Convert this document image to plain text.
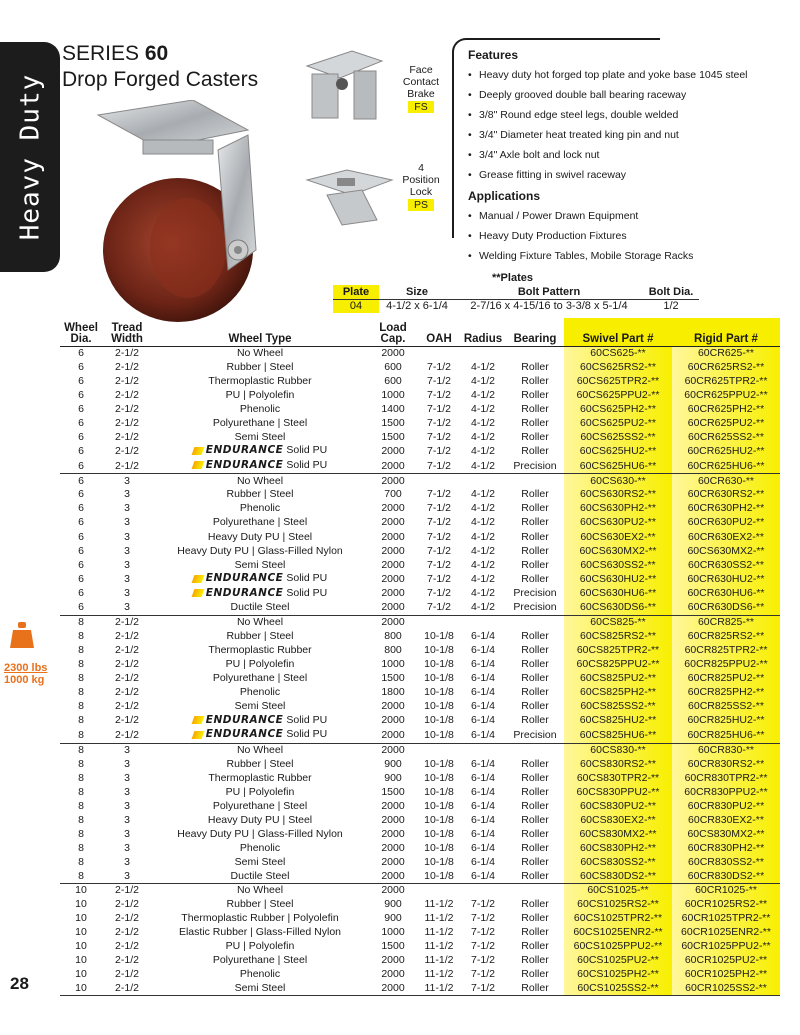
Heavy Duty
SERIES 60
Drop Forged Casters	Face
Contact
Brake
FS
4
Position
Lock
PS
Features
• Heavy duty hot forged top plate and yoke base 1045 steel
• Deeply grooved double ball bearing raceway
• 3/8" Round edge steel legs, double welded
• 3/4" Diameter heat treated king pin and nut
• 3/4" Axle bolt and lock nut
• Grease fitting in swivel raceway
Applications
• Manual / Power Drawn Equipment
• Heavy Duty Production Fixtures
• Welding Fixture Tables, Mobile Storage Racks
**Plates
Plate	Size	Bolt Pattern	Bolt Dia.
04	4-1/2 x 6-1/4	2-7/16 x 4-15/16 to 3-3/8 x 5-1/4	1/2
Wheel
Dia.	Tread
Width	Wheel Type	Load
Cap.	OAH	Radius	Bearing	Swivel Part #	Rigid Part #
6	2-1/2	No Wheel	2000				60CS625-**	60CR625-**
6	2-1/2	Rubber | Steel	600	7-1/2	4-1/2	Roller	60CS625RS2-**	60CR625RS2-**
6	2-1/2	Thermoplastic Rubber	600	7-1/2	4-1/2	Roller	60CS625TPR2-**	60CR625TPR2-**
6	2-1/2	PU | Polyolefin	1000	7-1/2	4-1/2	Roller	60CS625PPU2-**	60CR625PPU2-**
6	2-1/2	Phenolic	1400	7-1/2	4-1/2	Roller	60CS625PH2-**	60CR625PH2-**
6	2-1/2	Polyurethane | Steel	1500	7-1/2	4-1/2	Roller	60CS625PU2-**	60CR625PU2-**
6	2-1/2	Semi Steel	1500	7-1/2	4-1/2	Roller	60CS625SS2-**	60CR625SS2-**
6	2-1/2	ENDURANCE Solid PU	2000	7-1/2	4-1/2	Roller	60CS625HU2-**	60CR625HU2-**
6	2-1/2	ENDURANCE Solid PU	2000	7-1/2	4-1/2	Precision	60CS625HU6-**	60CR625HU6-**
6	3	No Wheel	2000				60CS630-**	60CR630-**
6	3	Rubber | Steel	700	7-1/2	4-1/2	Roller	60CS630RS2-**	60CR630RS2-**
6	3	Phenolic	2000	7-1/2	4-1/2	Roller	60CS630PH2-**	60CR630PH2-**
6	3	Polyurethane | Steel	2000	7-1/2	4-1/2	Roller	60CS630PU2-**	60CR630PU2-**
6	3	Heavy Duty PU | Steel	2000	7-1/2	4-1/2	Roller	60CS630EX2-**	60CR630EX2-**
6	3	Heavy Duty PU | Glass-Filled Nylon	2000	7-1/2	4-1/2	Roller	60CS630MX2-**	60CS630MX2-**
6	3	Semi Steel	2000	7-1/2	4-1/2	Roller	60CS630SS2-**	60CR630SS2-**
6	3	ENDURANCE Solid PU	2000	7-1/2	4-1/2	Roller	60CS630HU2-**	60CR630HU2-**
6	3	ENDURANCE Solid PU	2000	7-1/2	4-1/2	Precision	60CS630HU6-**	60CR630HU6-**
6	3	Ductile Steel	2000	7-1/2	4-1/2	Precision	60CS630DS6-**	60CR630DS6-**
8	2-1/2	No Wheel	2000				60CS825-**	60CR825-**
8	2-1/2	Rubber | Steel	800	10-1/8	6-1/4	Roller	60CS825RS2-**	60CR825RS2-**
8	2-1/2	Thermoplastic Rubber	800	10-1/8	6-1/4	Roller	60CS825TPR2-**	60CR825TPR2-**
8	2-1/2	PU | Polyolefin	1000	10-1/8	6-1/4	Roller	60CS825PPU2-**	60CR825PPU2-**
8	2-1/2	Polyurethane | Steel	1500	10-1/8	6-1/4	Roller	60CS825PU2-**	60CR825PU2-**
8	2-1/2	Phenolic	1800	10-1/8	6-1/4	Roller	60CS825PH2-**	60CR825PH2-**
8	2-1/2	Semi Steel	2000	10-1/8	6-1/4	Roller	60CS825SS2-**	60CR825SS2-**
8	2-1/2	ENDURANCE Solid PU	2000	10-1/8	6-1/4	Roller	60CS825HU2-**	60CR825HU2-**
8	2-1/2	ENDURANCE Solid PU	2000	10-1/8	6-1/4	Precision	60CS825HU6-**	60CR825HU6-**
8	3	No Wheel	2000				60CS830-**	60CR830-**
8	3	Rubber | Steel	900	10-1/8	6-1/4	Roller	60CS830RS2-**	60CR830RS2-**
8	3	Thermoplastic Rubber	900	10-1/8	6-1/4	Roller	60CS830TPR2-**	60CR830TPR2-**
8	3	PU | Polyolefin	1500	10-1/8	6-1/4	Roller	60CS830PPU2-**	60CR830PPU2-**
8	3	Polyurethane | Steel	2000	10-1/8	6-1/4	Roller	60CS830PU2-**	60CR830PU2-**
8	3	Heavy Duty PU | Steel	2000	10-1/8	6-1/4	Roller	60CS830EX2-**	60CR830EX2-**
8	3	Heavy Duty PU | Glass-Filled Nylon	2000	10-1/8	6-1/4	Roller	60CS830MX2-**	60CS830MX2-**
8	3	Phenolic	2000	10-1/8	6-1/4	Roller	60CS830PH2-**	60CR830PH2-**
8	3	Semi Steel	2000	10-1/8	6-1/4	Roller	60CS830SS2-**	60CR830SS2-**
8	3	Ductile Steel	2000	10-1/8	6-1/4	Roller	60CS830DS2-**	60CR830DS2-**
10	2-1/2	No Wheel	2000				60CS1025-**	60CR1025-**
10	2-1/2	Rubber | Steel	900	11-1/2	7-1/2	Roller	60CS1025RS2-**	60CR1025RS2-**
10	2-1/2	Thermoplastic Rubber | Polyolefin	900	11-1/2	7-1/2	Roller	60CS1025TPR2-**	60CR1025TPR2-**
10	2-1/2	Elastic Rubber | Glass-Filled Nylon	1000	11-1/2	7-1/2	Roller	60CS1025ENR2-**	60CR1025ENR2-**
10	2-1/2	PU | Polyolefin	1500	11-1/2	7-1/2	Roller	60CS1025PPU2-**	60CR1025PPU2-**
10	2-1/2	Polyurethane | Steel	2000	11-1/2	7-1/2	Roller	60CS1025PU2-**	60CR1025PU2-**
10	2-1/2	Phenolic	2000	11-1/2	7-1/2	Roller	60CS1025PH2-**	60CR1025PH2-**
10	2-1/2	Semi Steel	2000	11-1/2	7-1/2	Roller	60CS1025SS2-**	60CR1025SS2-**
2300 lbs
1000 kg
28
